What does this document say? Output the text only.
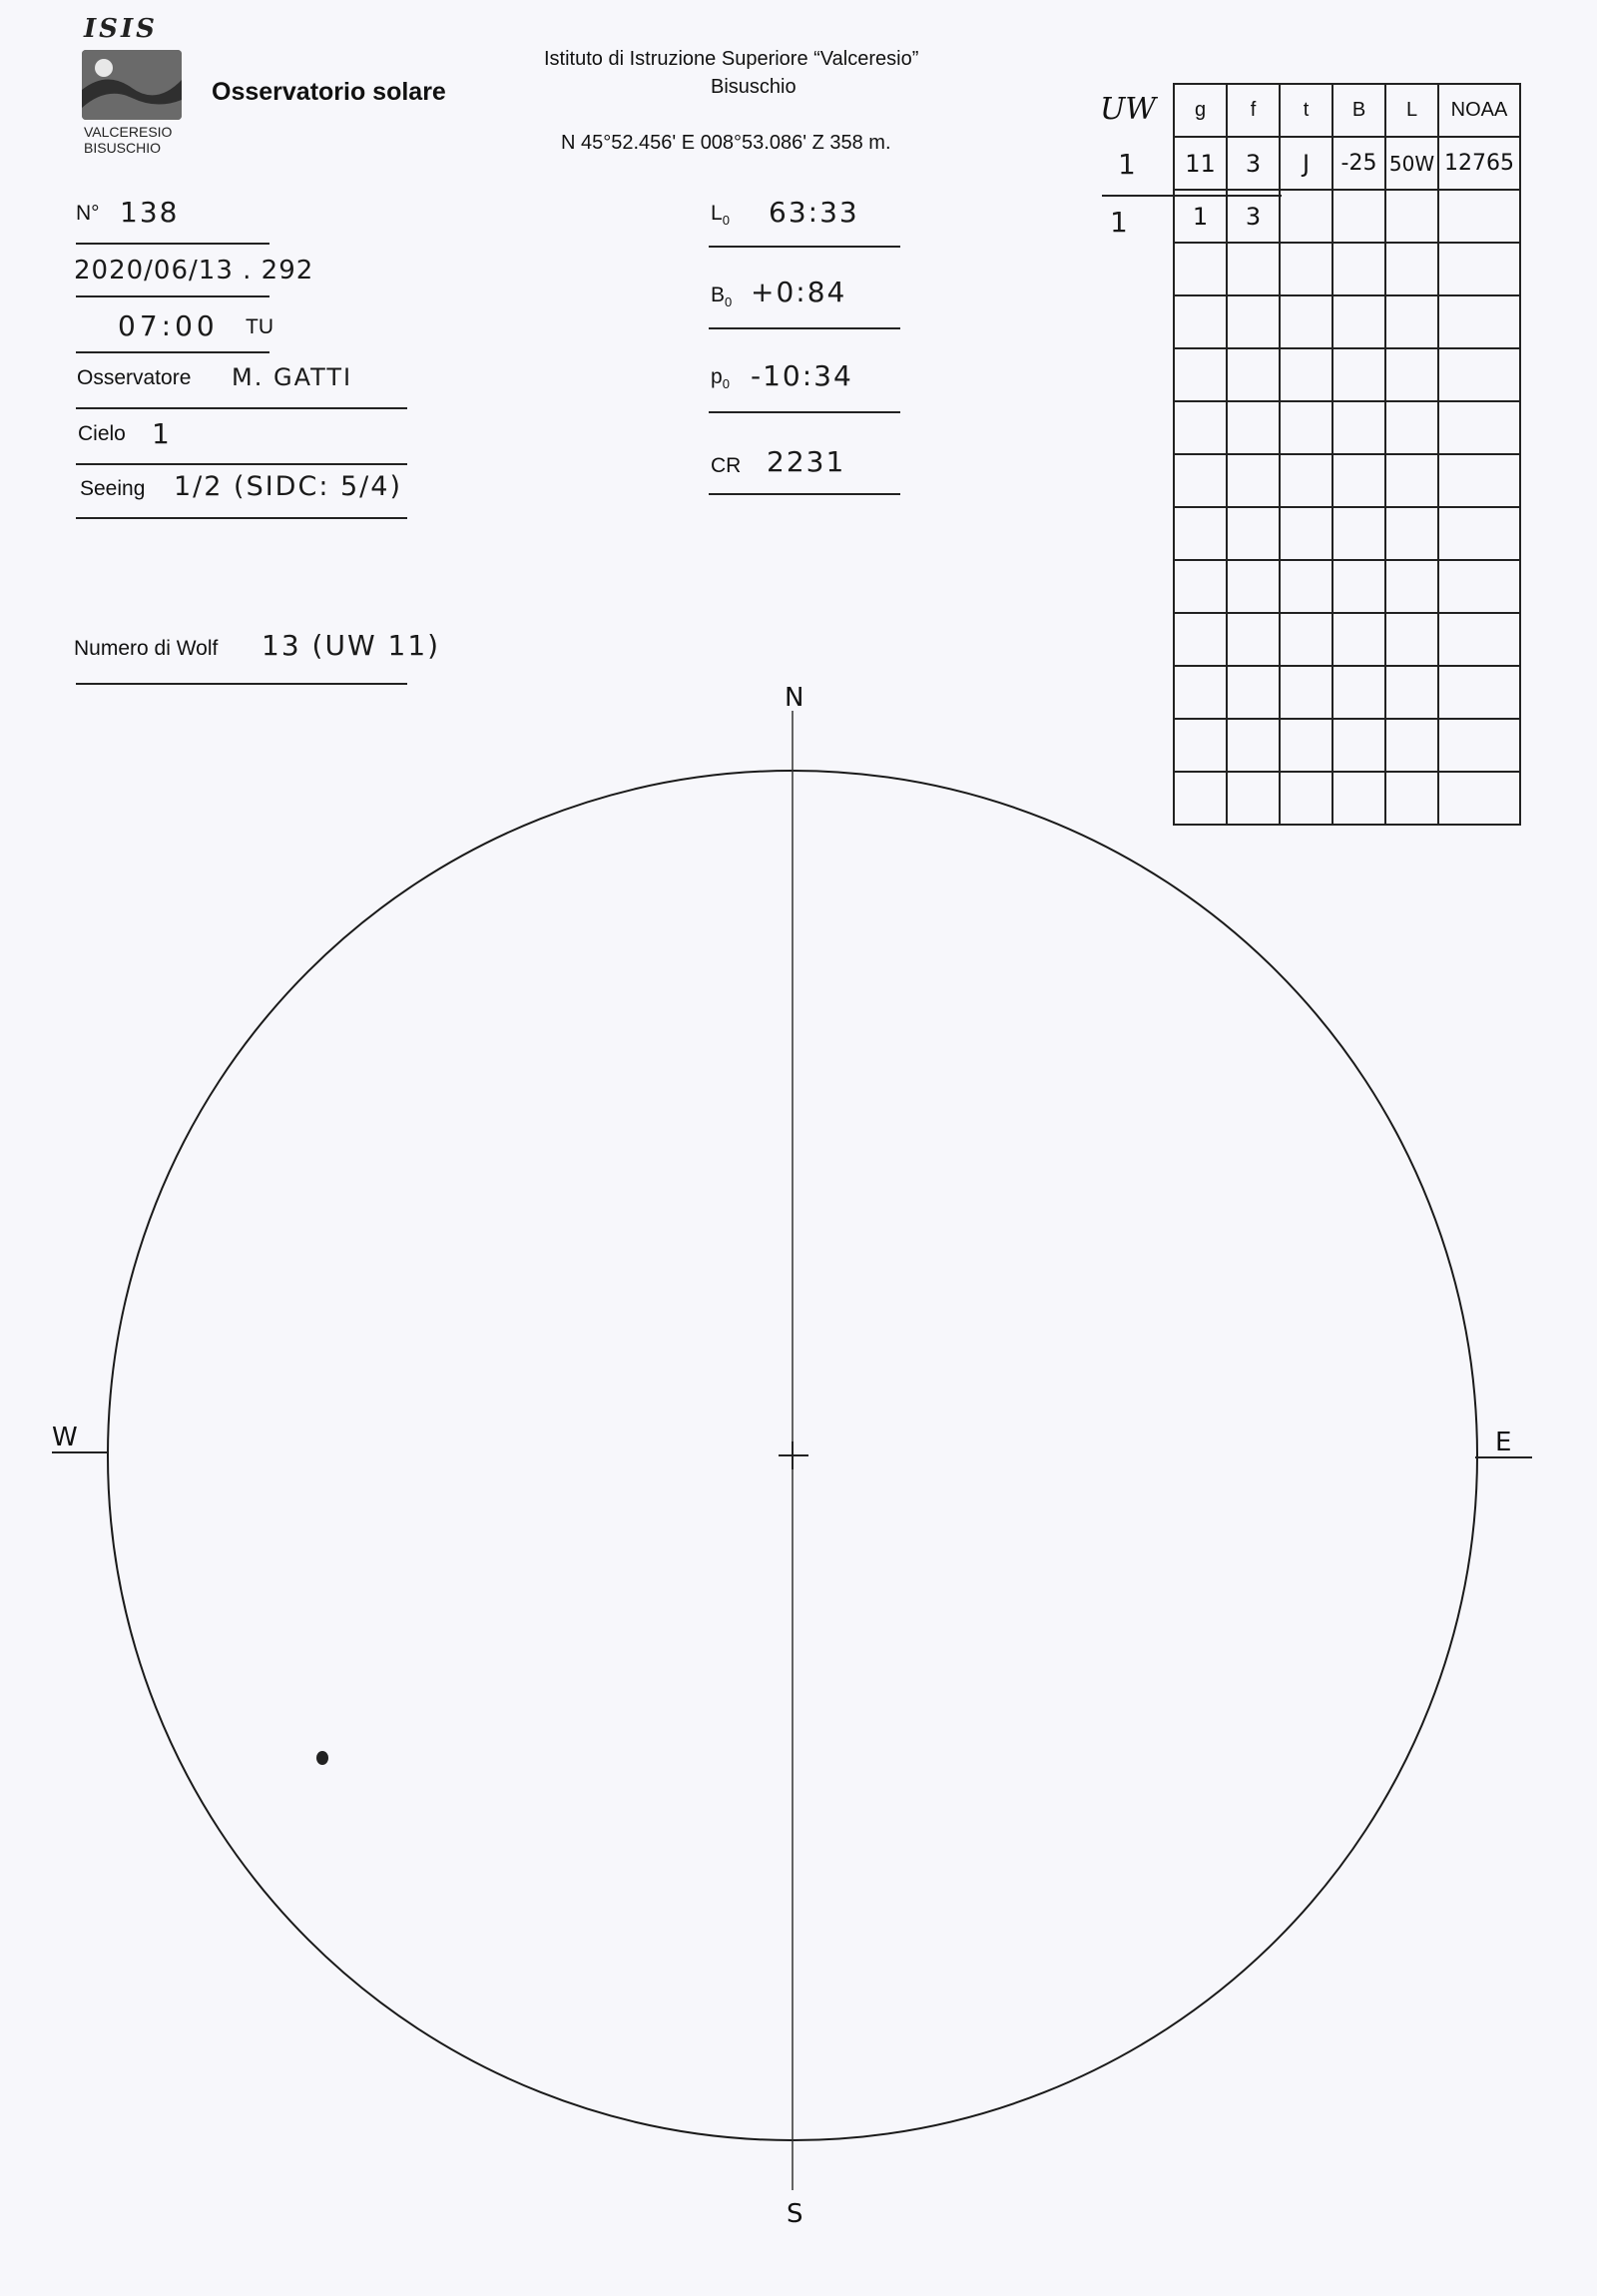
ISIS
VALCERESIO
BISUSCHIO
Osservatorio solare
Istituto di Istruzione Superiore “Valceresio”
Bisuschio
N 45°52.456' E 008°53.086' Z 358 m.
N° 138
2020/06/13 . 292
07:00 TU
Osservatore M. GATTI
Cielo 1
Seeing 1/2 (SIDC: 5/4)
Numero di Wolf 13 (UW 11)
$L_0$ 63:33
$B_0$ +0:84
$p_0$ -10:34
CR 2231
UW
1
1
g	f	t	B	L	NOAA
11	3	J	-25	50W	12765
1	3				

N
S
W	E
